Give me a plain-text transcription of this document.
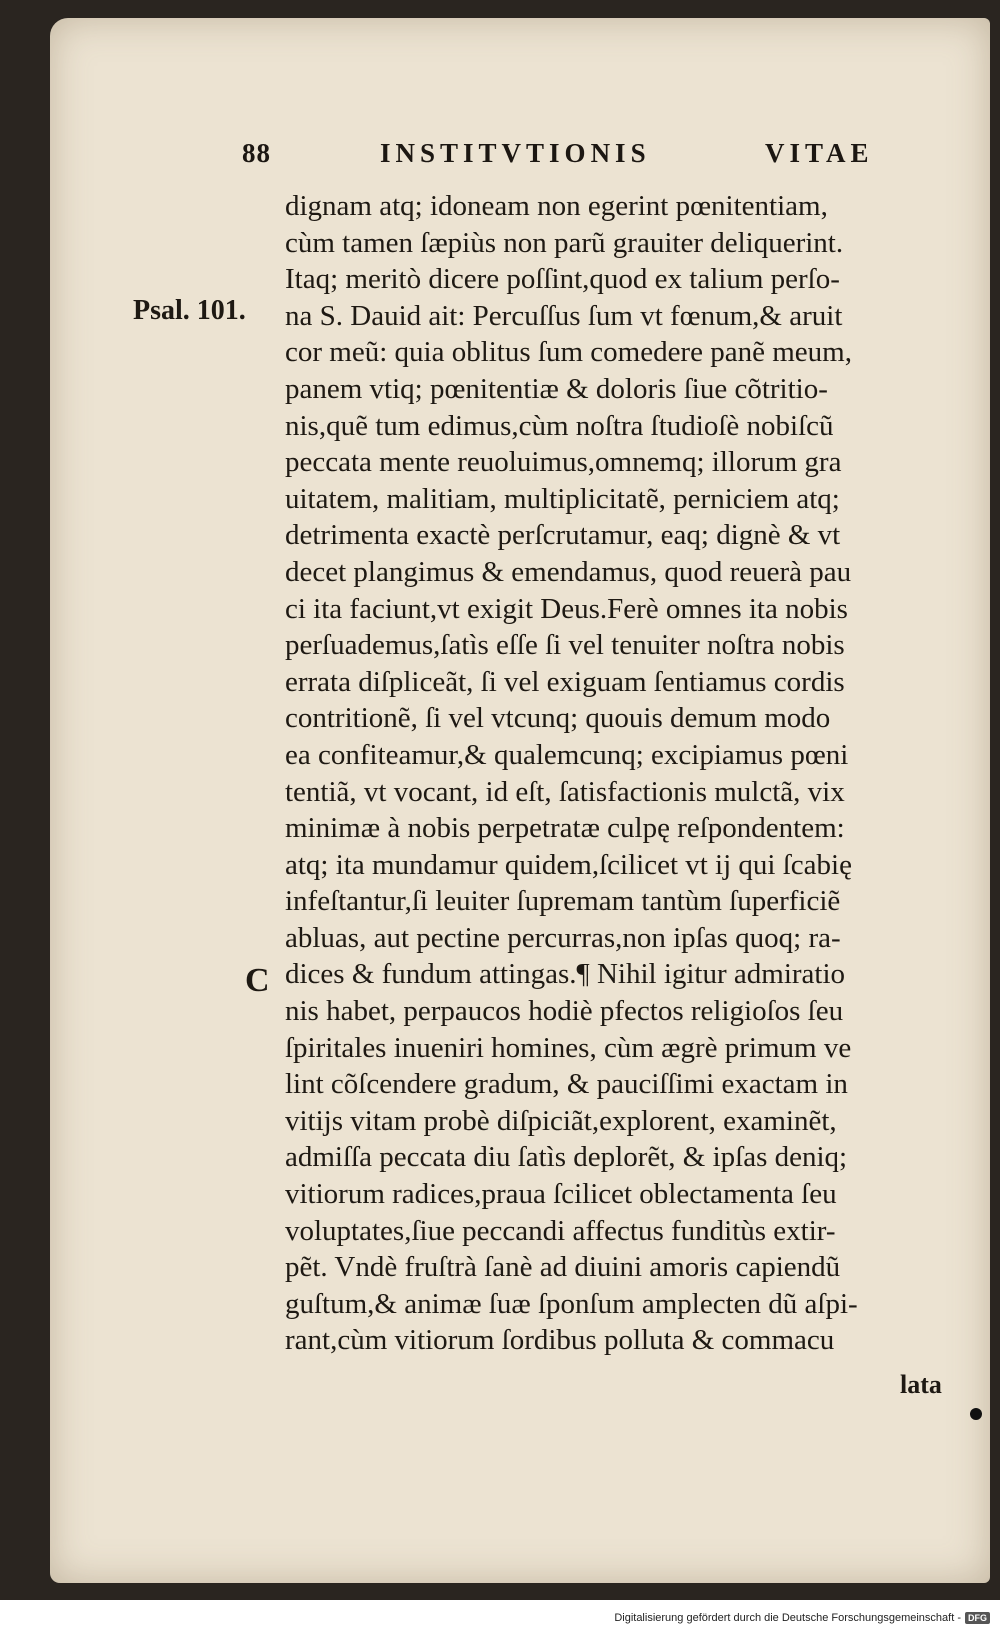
88	INSTITVTIONIS	VITAE
Psal. 101.
C
dignam atq; idoneam non egerint pœnitentiam,
cùm tamen ſæpiùs non parũ grauiter deliquerint.
Itaq; meritò dicere poſſint,quod ex talium perſo-
na S. Dauid ait: Percuſſus ſum vt fœnum,& aruit
cor meũ: quia oblitus ſum comedere panẽ meum,
panem vtiq; pœnitentiæ & doloris ſiue cõtritio-
nis,quẽ tum edimus,cùm noſtra ſtudioſè nobiſcũ
peccata mente reuoluimus,omnemq; illorum gra
uitatem, malitiam, multiplicitatẽ, perniciem atq;
detrimenta exactè perſcrutamur, eaq; dignè & vt
decet plangimus & emendamus, quod reuerà pau
ci ita faciunt,vt exigit Deus.Ferè omnes ita nobis
perſuademus,ſatìs eſſe ſi vel tenuiter noſtra nobis
errata diſpliceãt, ſi vel exiguam ſentiamus cordis
contritionẽ, ſi vel vtcunq; quouis demum modo
ea confiteamur,& qualemcunq; excipiamus pœni
tentiã, vt vocant, id eſt, ſatisfactionis mulctã, vix
minimæ à nobis perpetratæ culpę reſpondentem:
atq; ita mundamur quidem,ſcilicet vt ij qui ſcabię
infeſtantur,ſi leuiter ſupremam tantùm ſuperficiẽ
abluas, aut pectine percurras,non ipſas quoq; ra-
dices & fundum attingas.¶ Nihil igitur admiratio
nis habet, perpaucos hodiè pfectos religioſos ſeu
ſpiritales inueniri homines, cùm ægrè primum ve
lint cõſcendere gradum, & pauciſſimi exactam in
vitijs vitam probè diſpiciãt,explorent, examinẽt,
admiſſa peccata diu ſatìs deplorẽt, & ipſas deniq;
vitiorum radices,praua ſcilicet oblectamenta ſeu
voluptates,ſiue peccandi affectus funditùs extir-
pẽt. Vndè fruſtrà ſanè ad diuini amoris capiendũ
guſtum,& animæ ſuæ ſponſum amplecten dũ aſpi-
rant,cùm vitiorum ſordibus polluta & commacu
lata
Digitalisierung gefördert durch die Deutsche Forschungsgemeinschaft - DFG
